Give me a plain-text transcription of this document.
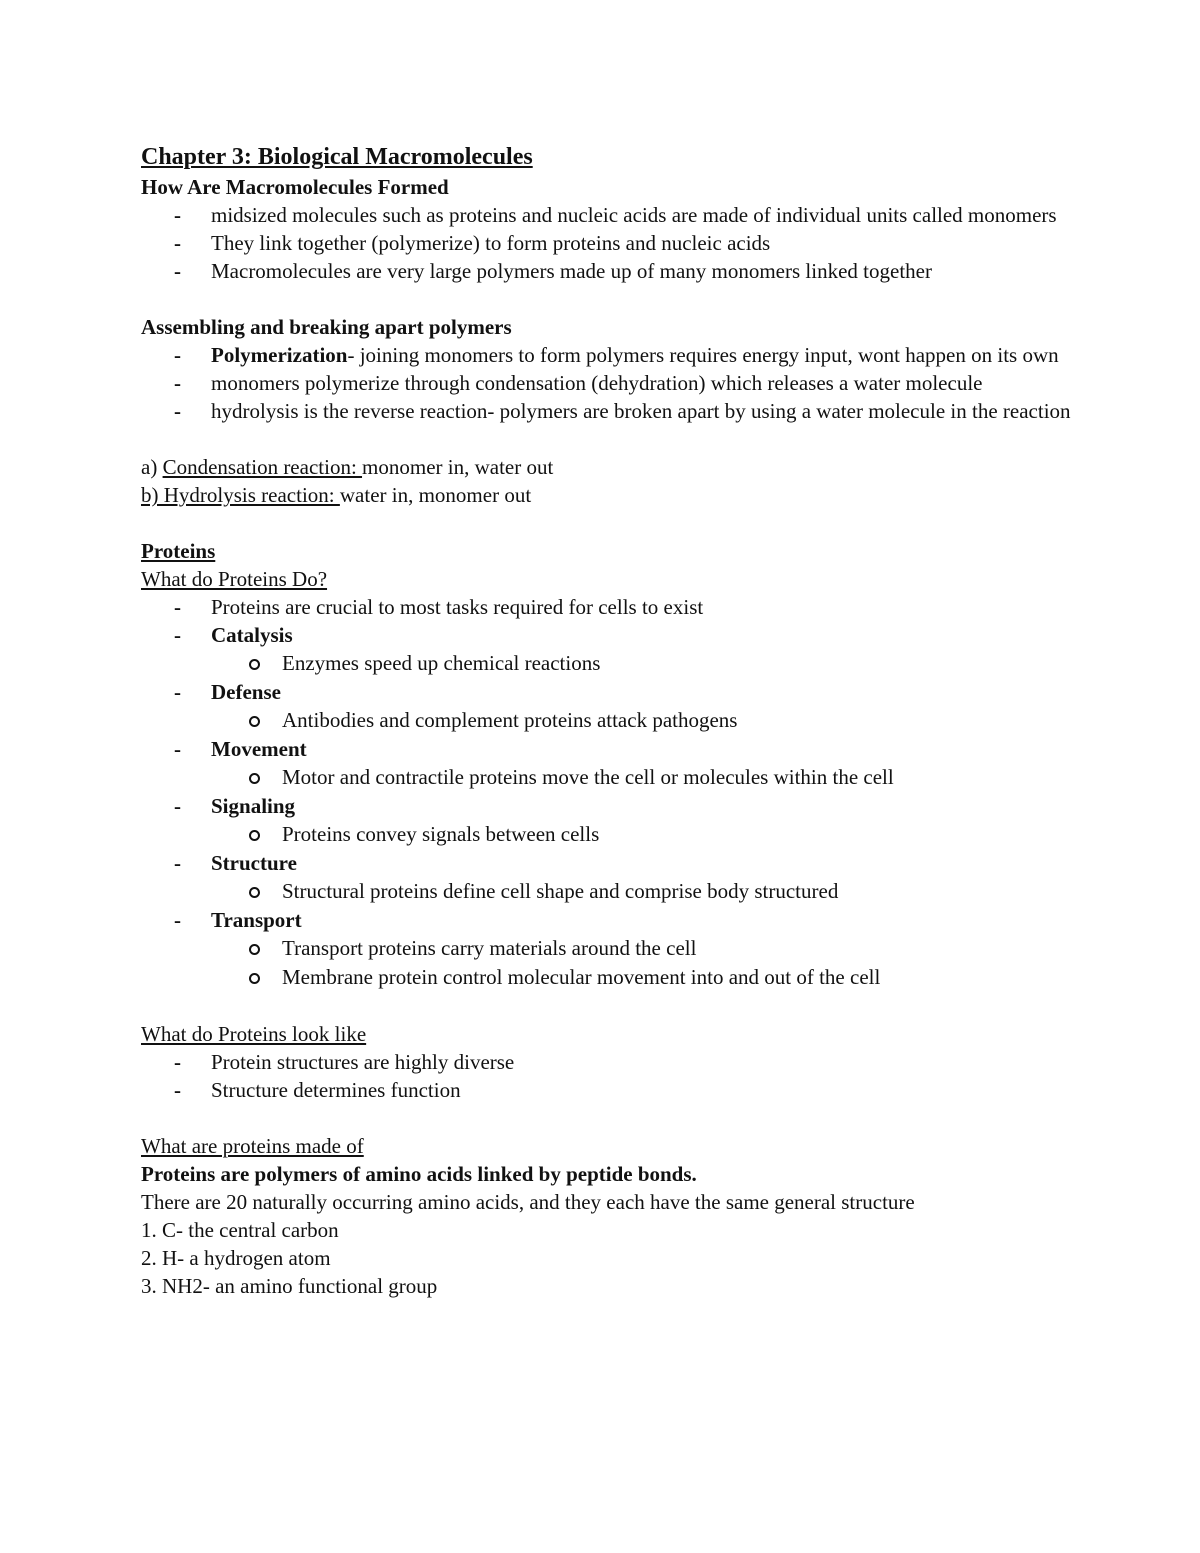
Chapter 3: Biological Macromolecules
How Are Macromolecules Formed
- midsized molecules such as proteins and nucleic acids are made of individual units called monomers
- They link together (polymerize) to form proteins and nucleic acids
- Macromolecules are very large polymers made up of many monomers linked together
Assembling and breaking apart polymers
- Polymerization- joining monomers to form polymers requires energy input, wont happen on its own
- monomers polymerize through condensation (dehydration) which releases a water molecule
- hydrolysis is the reverse reaction- polymers are broken apart by using a water molecule in the reaction
a) Condensation reaction: monomer in, water out
b) Hydrolysis reaction: water in, monomer out
Proteins
What do Proteins Do?
- Proteins are crucial to most tasks required for cells to exist
- Catalysis
Enzymes speed up chemical reactions
- Defense
Antibodies and complement proteins attack pathogens
- Movement
Motor and contractile proteins move the cell or molecules within the cell
- Signaling
Proteins convey signals between cells
- Structure
Structural proteins define cell shape and comprise body structured
- Transport
Transport proteins carry materials around the cell
Membrane protein control molecular movement into and out of the cell
What do Proteins look like
- Protein structures are highly diverse
- Structure determines function
What are proteins made of
Proteins are polymers of amino acids linked by peptide bonds.
There are 20 naturally occurring amino acids, and they each have the same general structure
1. C- the central carbon
2. H- a hydrogen atom
3. NH2- an amino functional group
